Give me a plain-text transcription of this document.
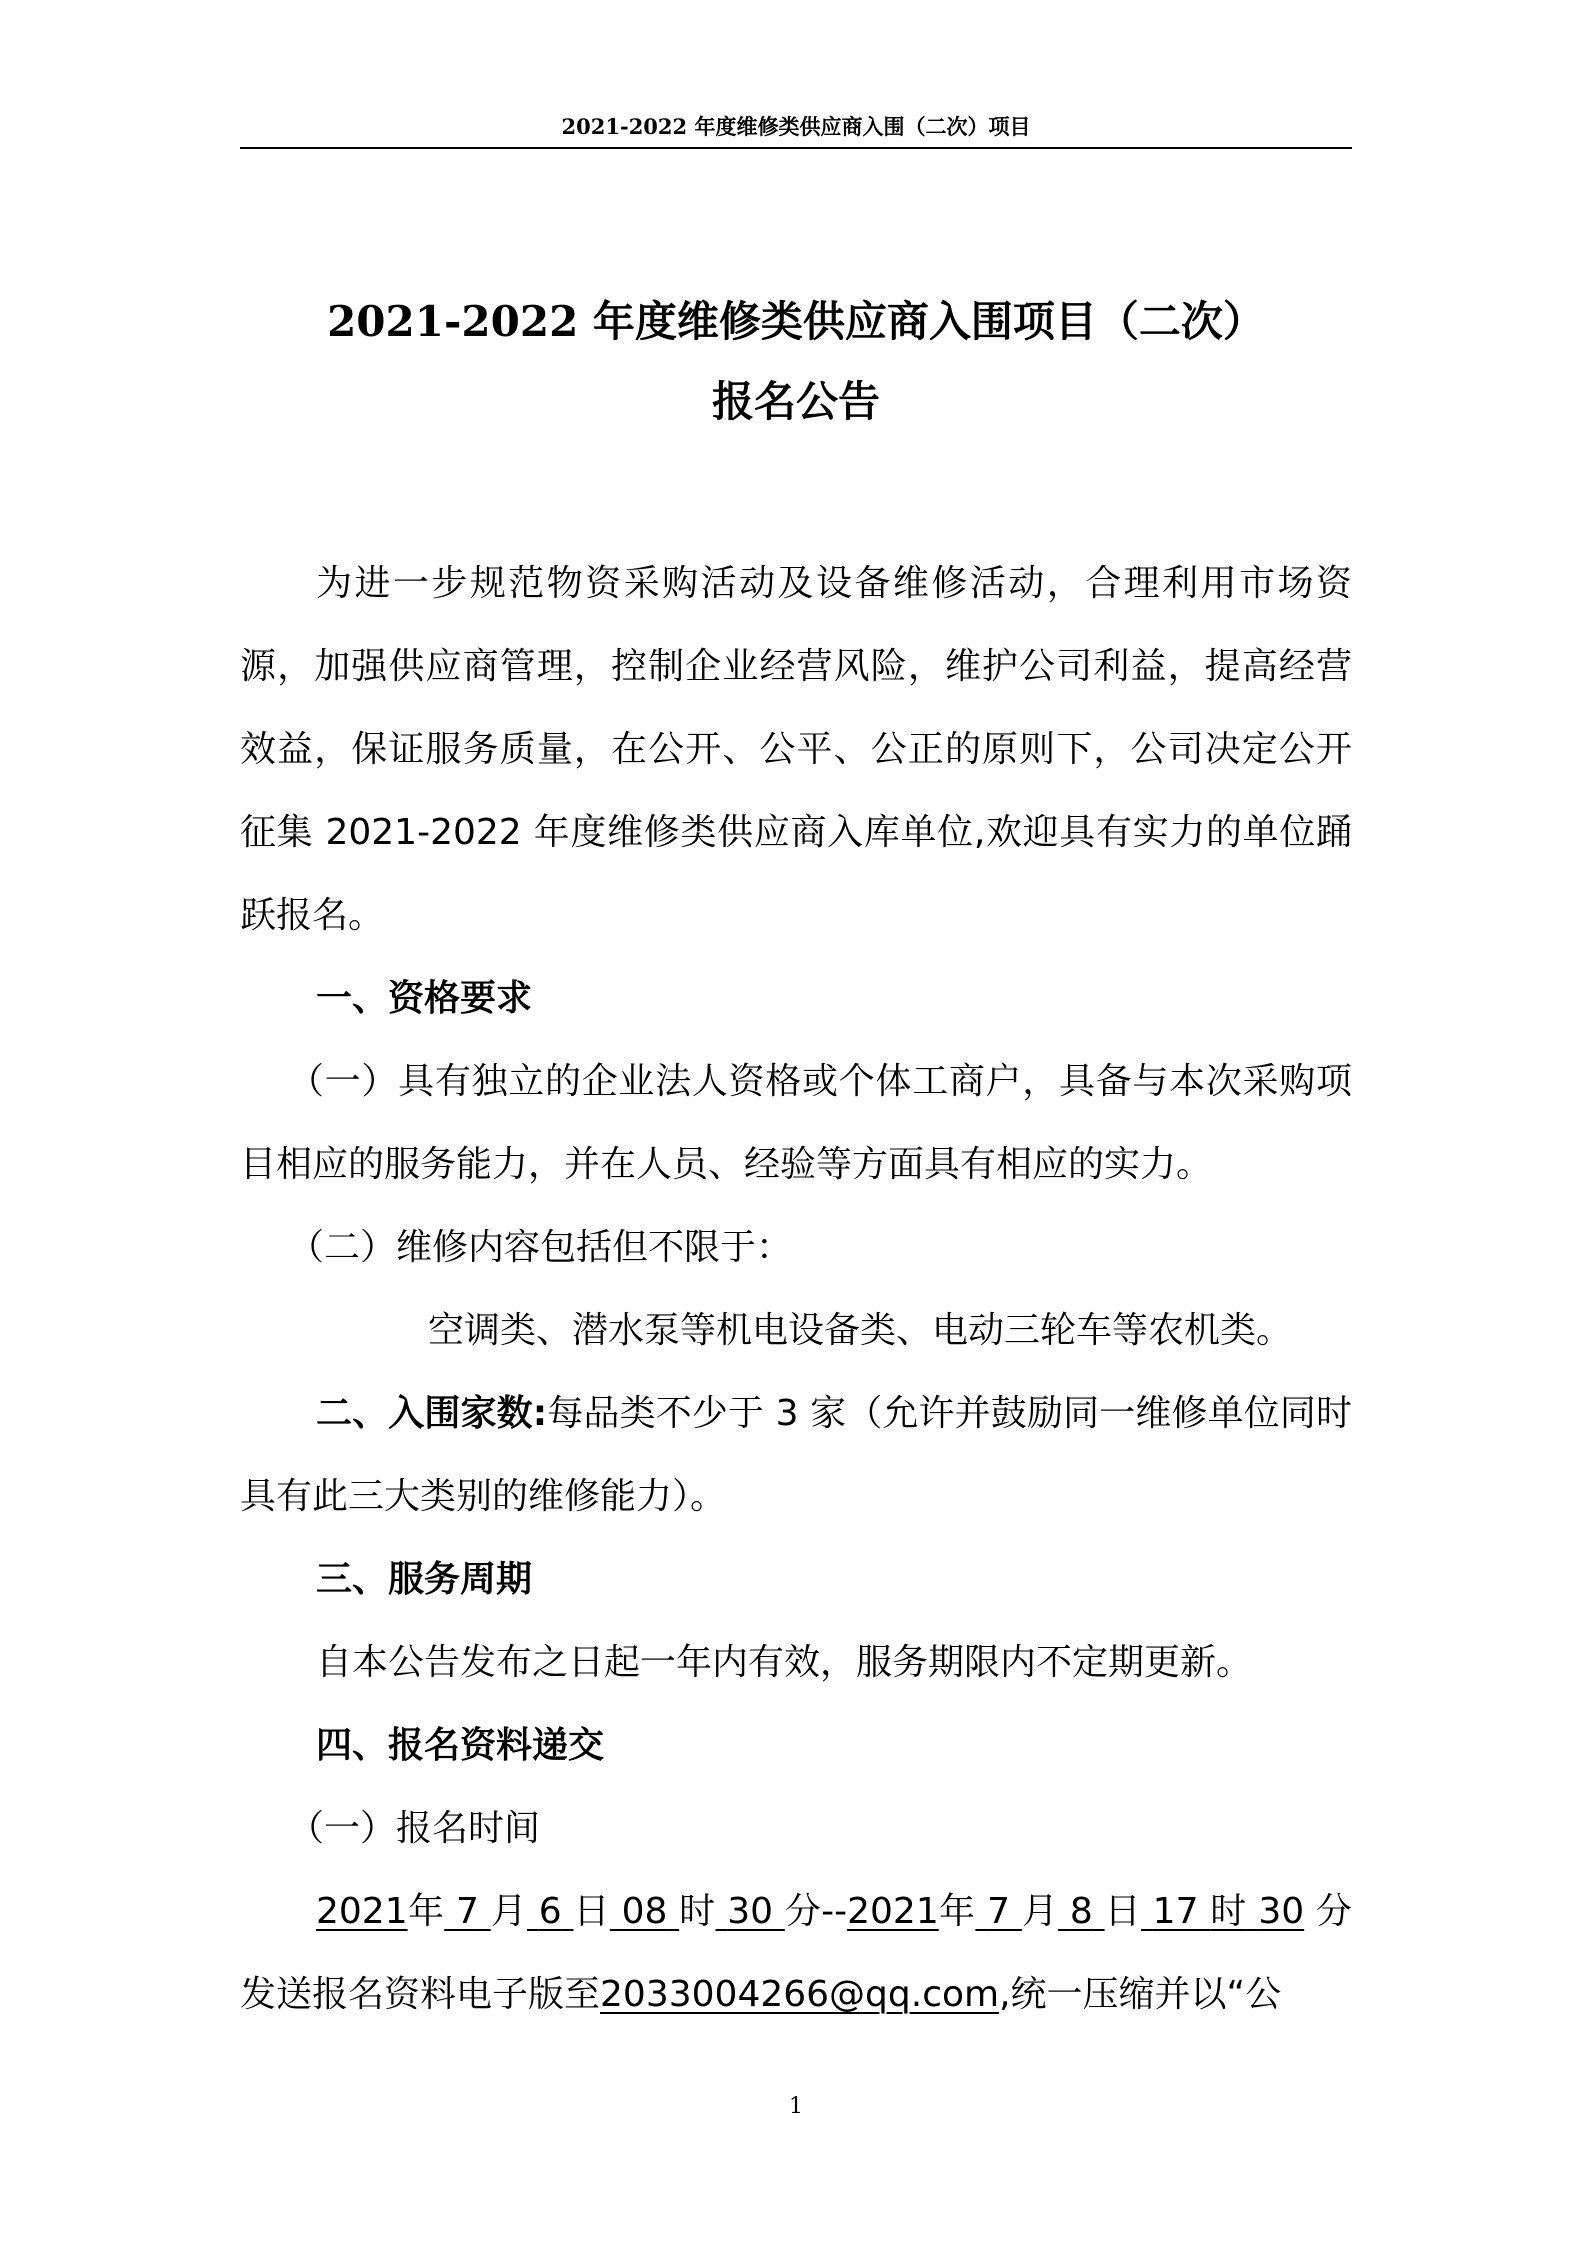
2021-2022 年度维修类供应商入围（二次）项目
2021-2022 年度维修类供应商入围项目（二次）
报名公告

为进一步规范物资采购活动及设备维修活动，合理利用市场资源，加强供应商管理，控制企业经营风险，维护公司利益，提高经营效益，保证服务质量，在公开、公平、公正的原则下，公司决定公开征集 2021-2022 年度维修类供应商入库单位,欢迎具有实力的单位踊跃报名。

一、资格要求

（一）具有独立的企业法人资格或个体工商户，具备与本次采购项目相应的服务能力，并在人员、经验等方面具有相应的实力。

（二）维修内容包括但不限于：

空调类、潜水泵等机电设备类、电动三轮车等农机类。

二、入围家数:每品类不少于 3 家（允许并鼓励同一维修单位同时具有此三大类别的维修能力）。

三、服务周期

自本公告发布之日起一年内有效，服务期限内不定期更新。

四、报名资料递交

（一）报名时间

2021年 7 月 6 日 08 时 30 分--2021年 7 月 8 日 17 时 30 分发送报名资料电子版至2033004266@qq.com,统一压缩并以“公

1
